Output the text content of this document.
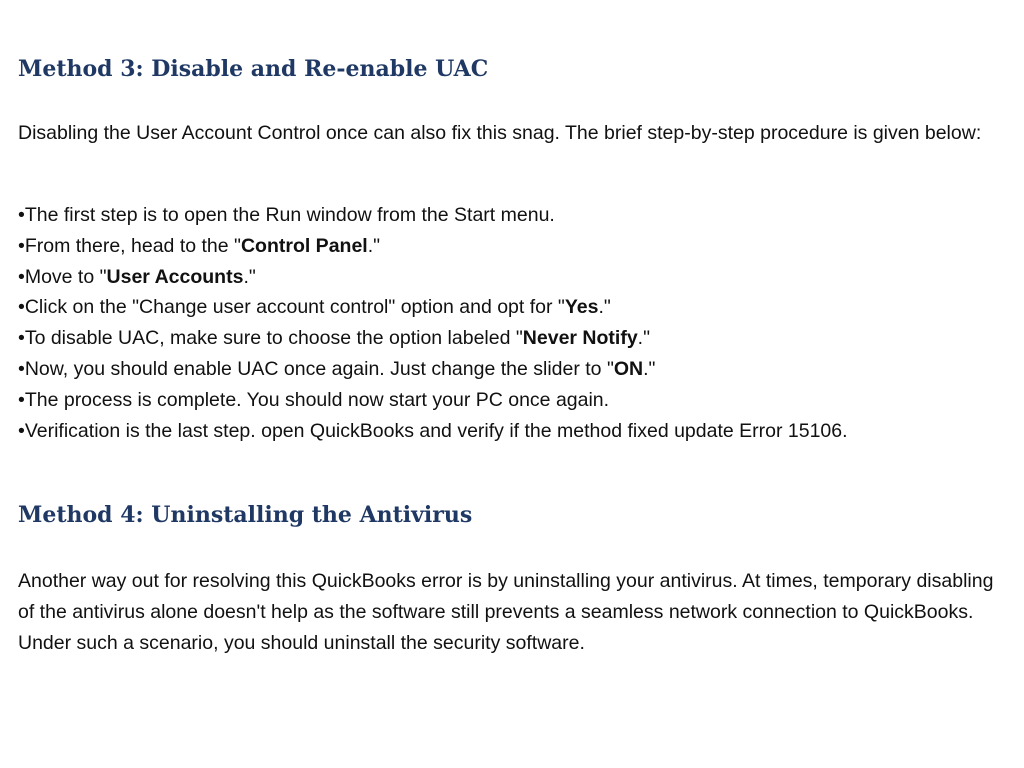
Method 3: Disable and Re-enable UAC

Disabling the User Account Control once can also fix this snag. The brief step-by-step procedure is given below:

•The first step is to open the Run window from the Start menu.
•From there, head to the "Control Panel."
•Move to "User Accounts."
•Click on the "Change user account control" option and opt for "Yes."
•To disable UAC, make sure to choose the option labeled "Never Notify."
•Now, you should enable UAC once again. Just change the slider to "ON."
•The process is complete. You should now start your PC once again.
•Verification is the last step. open QuickBooks and verify if the method fixed update Error 15106.
Method 4: Uninstalling the Antivirus

Another way out for resolving this QuickBooks error is by uninstalling your antivirus. At times, temporary disabling of the antivirus alone doesn't help as the software still prevents a seamless network connection to QuickBooks. Under such a scenario, you should uninstall the security software.
